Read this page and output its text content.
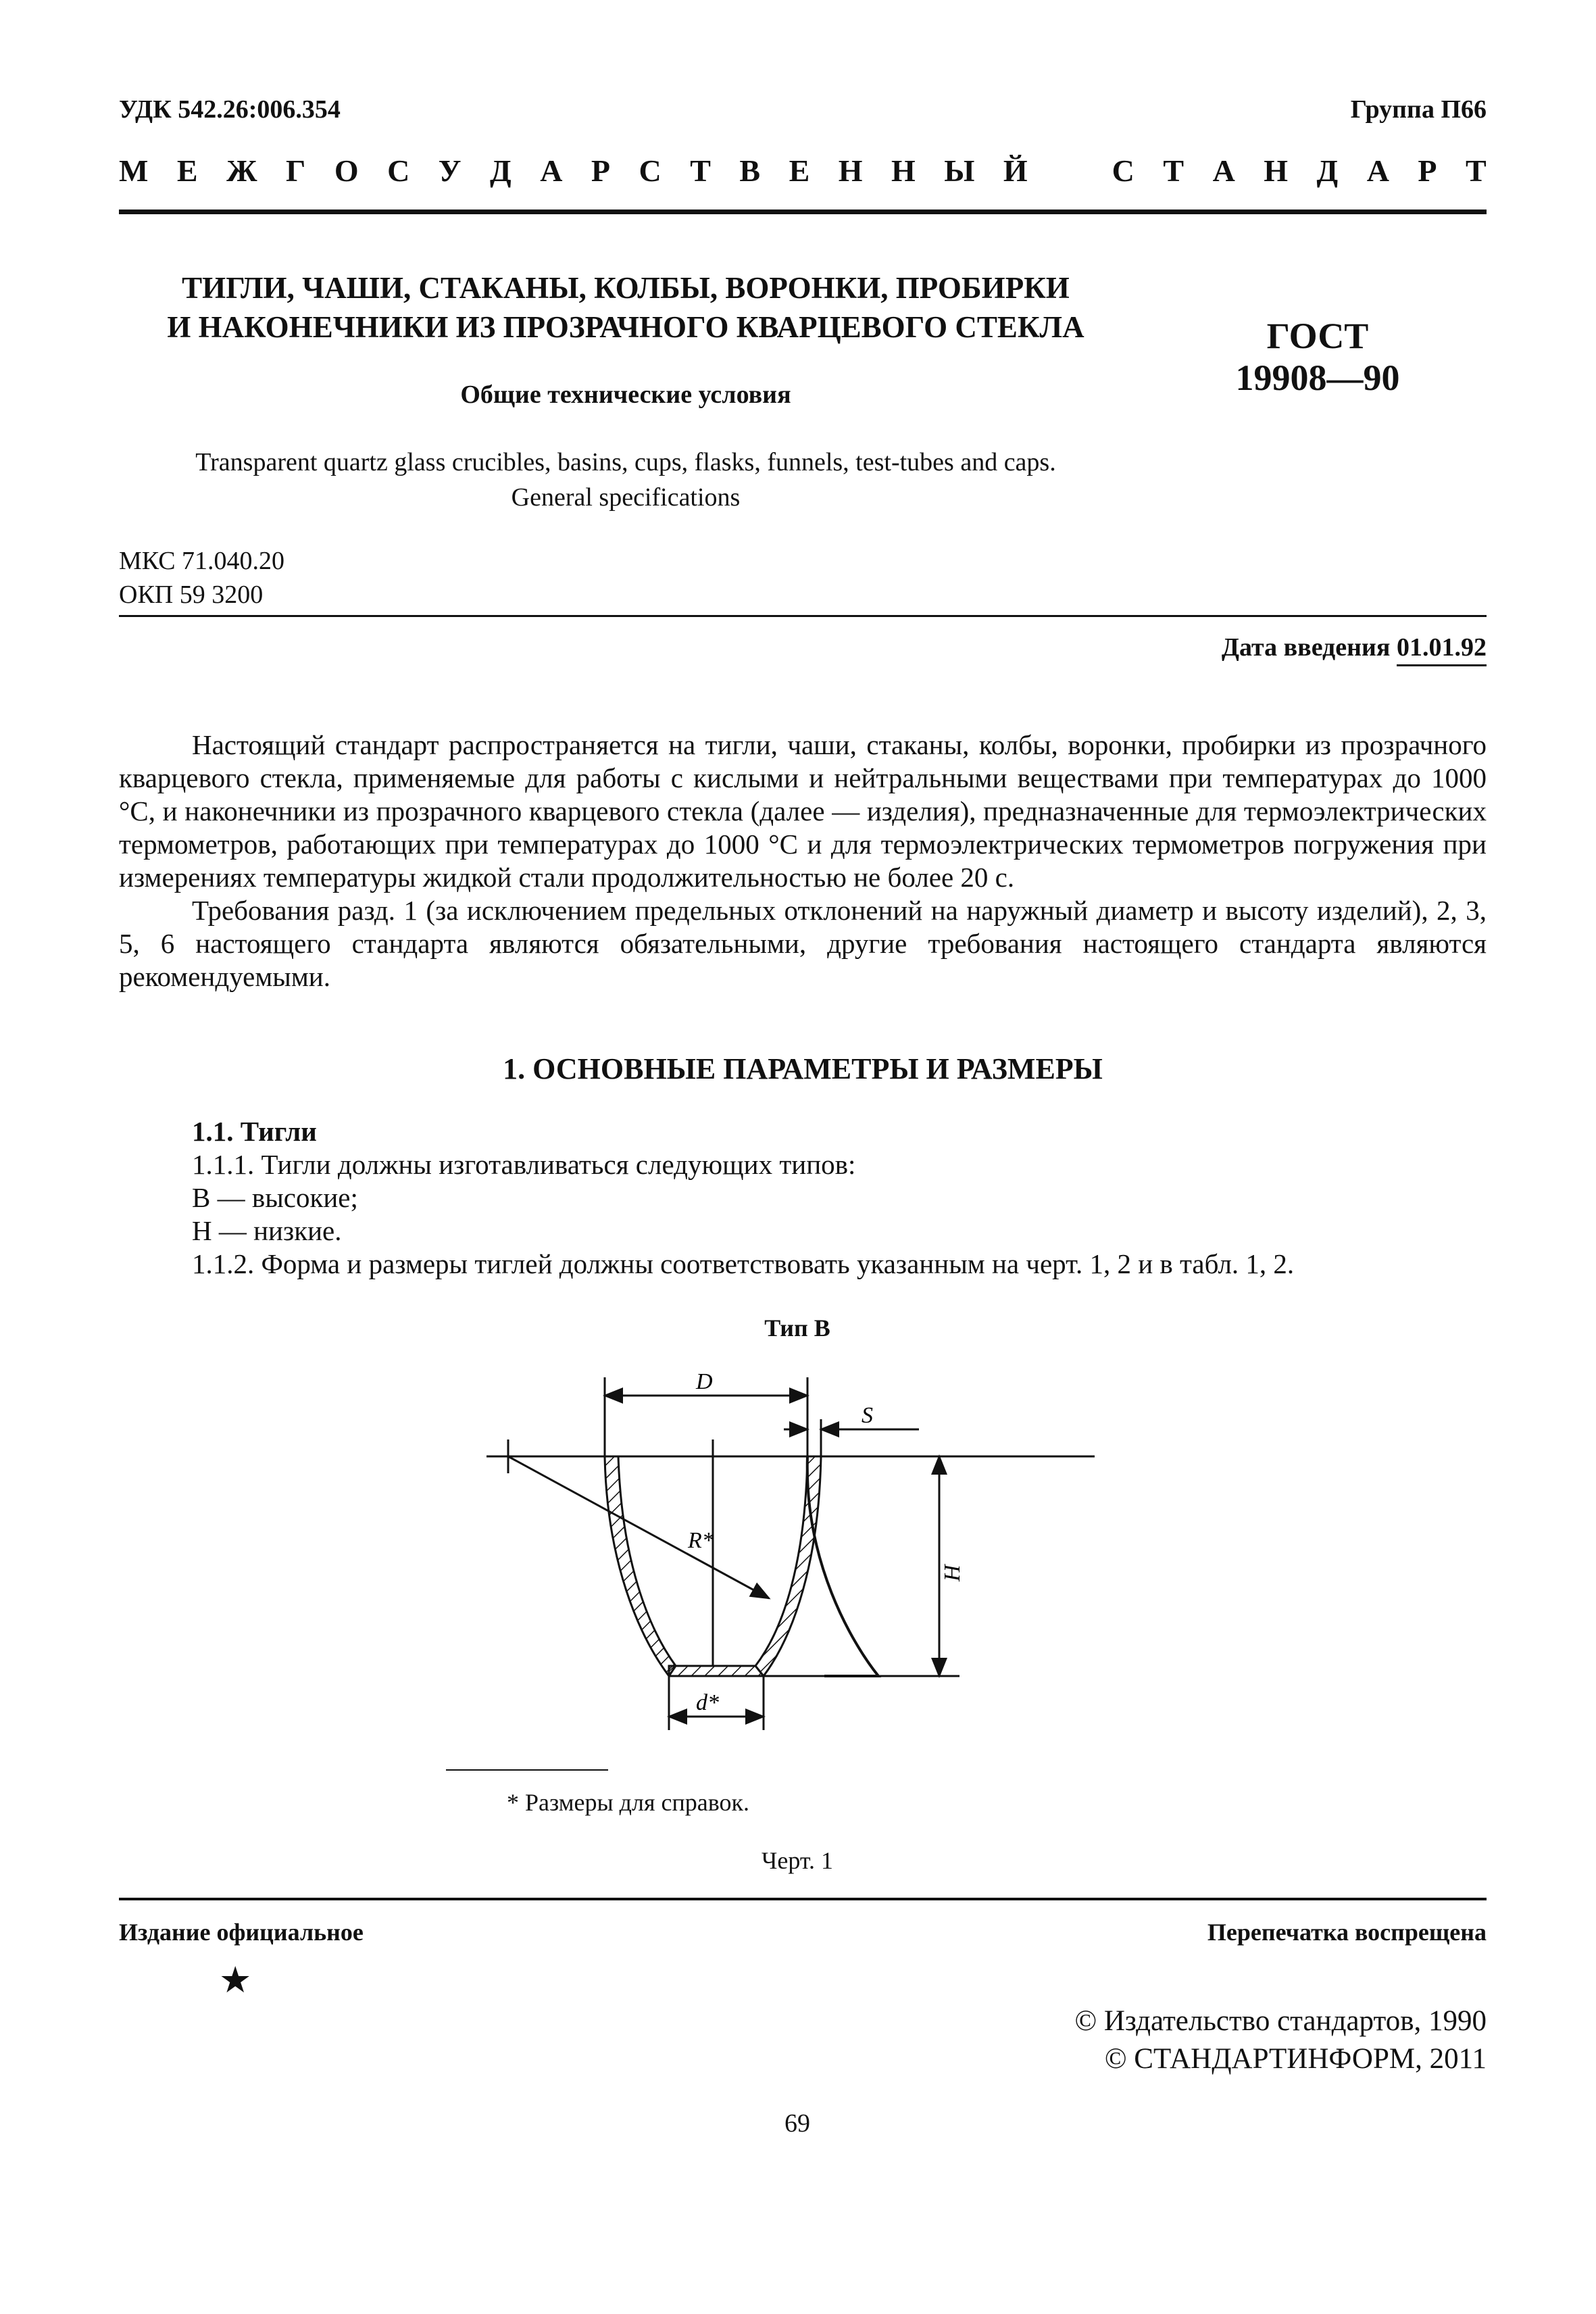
УДК 542.26:006.354	Группа П66
М Е Ж Г О С У Д А Р С Т В Е Н Н Ы Й	С Т А Н Д А Р Т
ТИГЛИ, ЧАШИ, СТАКАНЫ, КОЛБЫ, ВОРОНКИ, ПРОБИРКИ
И НАКОНЕЧНИКИ ИЗ ПРОЗРАЧНОГО КВАРЦЕВОГО СТЕКЛА	ГОСТ
19908—90
Общие технические условия
Transparent quartz glass crucibles, basins, cups, flasks, funnels, test-tubes and caps.
General specifications
МКС 71.040.20
ОКП 59 3200
Дата введения 01.01.92

Настоящий стандарт распространяется на тигли, чаши, стаканы, колбы, воронки, пробирки из прозрачного кварцевого стекла, применяемые для работы с кислыми и нейтральными веществами при температурах до 1000 °С, и наконечники из прозрачного кварцевого стекла (далее — изделия), предназначенные для термоэлектрических термометров, работающих при температурах до 1000 °С и для термоэлектрических термометров погружения при измерениях температуры жидкой стали продолжительностью не более 20 с.

Требования разд. 1 (за исключением предельных отклонений на наружный диаметр и высоту изделий), 2, 3, 5, 6 настоящего стандарта являются обязательными, другие требования настоящего стандарта являются рекомендуемыми.

1. ОСНОВНЫЕ ПАРАМЕТРЫ И РАЗМЕРЫ
1.1. Тигли
1.1.1. Тигли должны изготавливаться следующих типов:
В — высокие;
Н — низкие.
1.1.2. Форма и размеры тиглей должны соответствовать указанным на черт. 1, 2 и в табл. 1, 2.
Тип В
D
S
H
R*
d*
* Размеры для справок.
Черт. 1
Издание официальное	Перепечатка воспрещена
★
© Издательство стандартов, 1990
© СТАНДАРТИНФОРМ, 2011
69
